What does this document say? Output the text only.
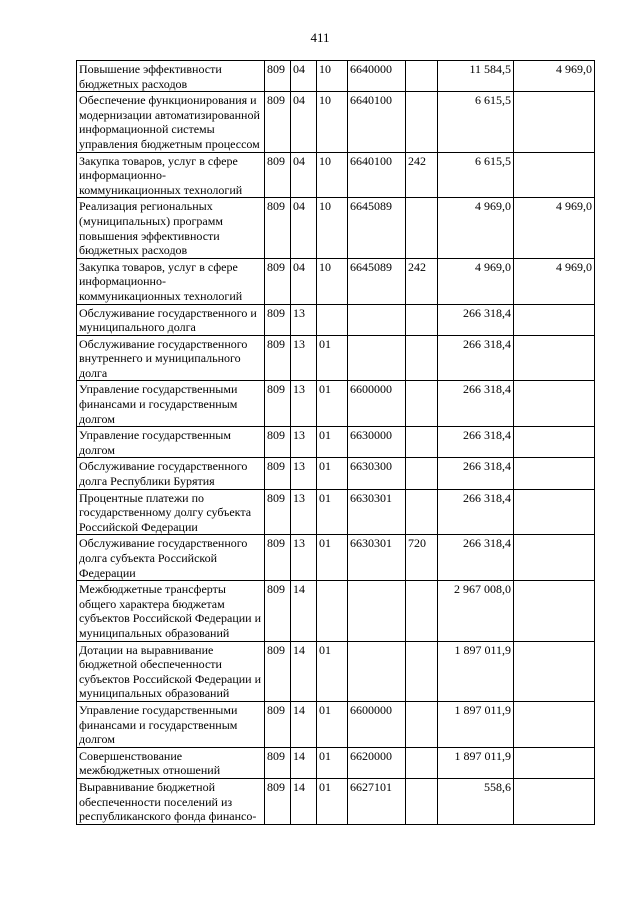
411
Повышение эффективности бюджетных расходов	809	04	10	6640000		11 584,5	4 969,0
Обеспечение функционирования и модернизации автоматизированной информационной системы управления бюджетным процессом	809	04	10	6640100		6 615,5	
Закупка товаров, услуг в сфере информационно-коммуникационных технологий	809	04	10	6640100	242	6 615,5	
Реализация региональных (муниципальных) программ повышения эффективности бюджетных расходов	809	04	10	6645089		4 969,0	4 969,0
Закупка товаров, услуг в сфере информационно-коммуникационных технологий	809	04	10	6645089	242	4 969,0	4 969,0
Обслуживание государственного и муниципального долга	809	13				266 318,4	
Обслуживание государственного внутреннего и муниципального долга	809	13	01			266 318,4	
Управление государственными финансами и государственным долгом	809	13	01	6600000		266 318,4	
Управление государственным долгом	809	13	01	6630000		266 318,4	
Обслуживание государственного долга Республики Бурятия	809	13	01	6630300		266 318,4	
Процентные платежи по государственному долгу субъекта Российской Федерации	809	13	01	6630301		266 318,4	
Обслуживание государственного долга субъекта Российской Федерации	809	13	01	6630301	720	266 318,4	
Межбюджетные трансферты общего характера бюджетам субъектов Российской Федерации и муниципальных образований	809	14				2 967 008,0	
Дотации на выравнивание бюджетной обеспеченности субъектов Российской Федерации и муниципальных образований	809	14	01			1 897 011,9	
Управление государственными финансами и государственным долгом	809	14	01	6600000		1 897 011,9	
Совершенствование межбюджетных отношений	809	14	01	6620000		1 897 011,9	
Выравнивание бюджетной обеспеченности поселений из республиканского фонда финансо-	809	14	01	6627101		558,6	
